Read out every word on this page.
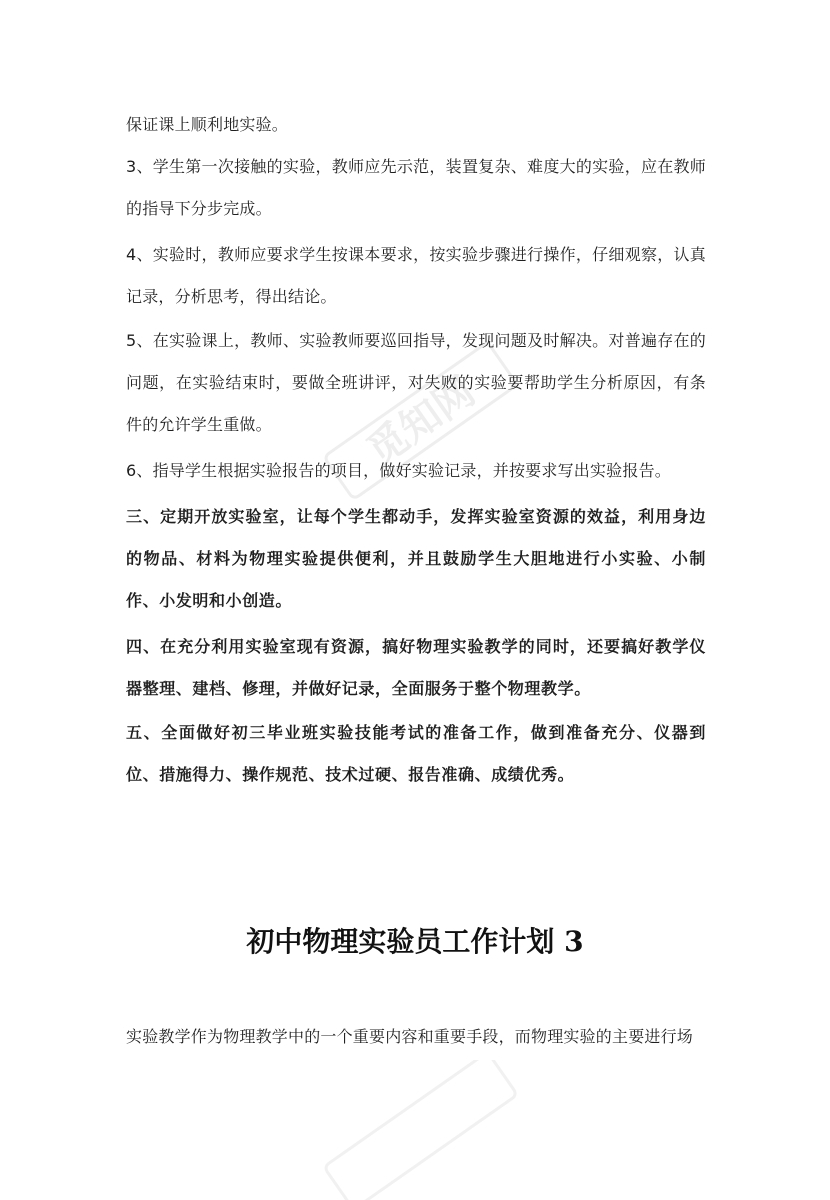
觅知网

保证课上顺利地实验。

3、学生第一次接触的实验，教师应先示范，装置复杂、难度大的实验，应在教师的指导下分步完成。

4、实验时，教师应要求学生按课本要求，按实验步骤进行操作，仔细观察，认真记录，分析思考，得出结论。

5、在实验课上，教师、实验教师要巡回指导，发现问题及时解决。对普遍存在的问题，在实验结束时，要做全班讲评，对失败的实验要帮助学生分析原因，有条件的允许学生重做。

6、指导学生根据实验报告的项目，做好实验记录，并按要求写出实验报告。

三、定期开放实验室，让每个学生都动手，发挥实验室资源的效益，利用身边的物品、材料为物理实验提供便利，并且鼓励学生大胆地进行小实验、小制作、小发明和小创造。

四、在充分利用实验室现有资源，搞好物理实验教学的同时，还要搞好教学仪器整理、建档、修理，并做好记录，全面服务于整个物理教学。

五、全面做好初三毕业班实验技能考试的准备工作，做到准备充分、仪器到位、措施得力、操作规范、技术过硬、报告准确、成绩优秀。

初中物理实验员工作计划 3

实验教学作为物理教学中的一个重要内容和重要手段，而物理实验的主要进行场
